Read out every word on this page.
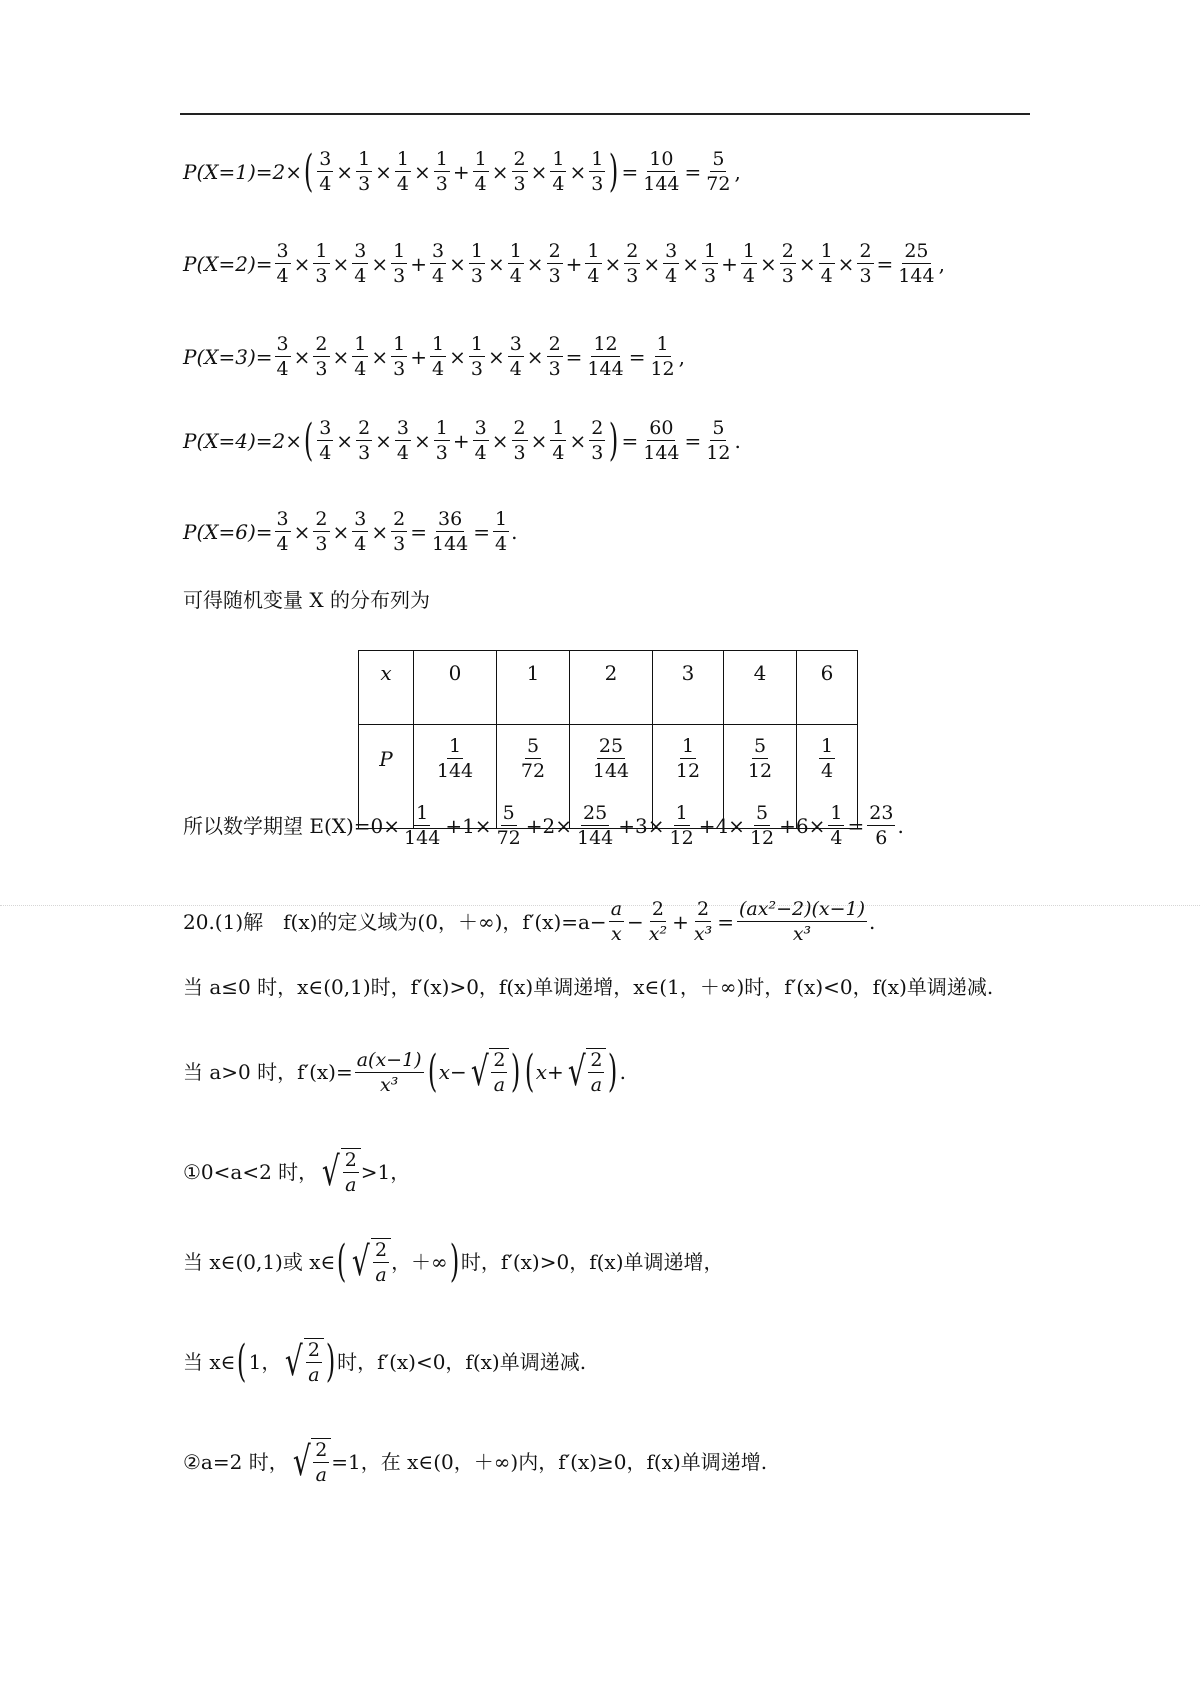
P(X=1)=2× ( $\frac{3}{4} \times \frac{1}{3} \times \frac{1}{4} \times \frac{1}{3} + \frac{1}{4} \times \frac{2}{3} \times \frac{1}{4} \times \frac{1}{3}$ ) = $\frac{10}{144} = \frac{5}{72}$ ,
$P(X=2)= \frac{3}{4} \times \frac{1}{3} \times \frac{3}{4} \times \frac{1}{3} + \frac{3}{4} \times \frac{1}{3} \times \frac{1}{4} \times \frac{2}{3} + \frac{1}{4} \times \frac{2}{3} \times \frac{3}{4} \times \frac{1}{3} + \frac{1}{4} \times \frac{2}{3} \times \frac{1}{4} \times \frac{2}{3} = \frac{25}{144}$ ,
$P(X=3)= \frac{3}{4} \times \frac{2}{3} \times \frac{1}{4} \times \frac{1}{3} + \frac{1}{4} \times \frac{1}{3} \times \frac{3}{4} \times \frac{2}{3} = \frac{12}{144} = \frac{1}{12}$ ,
P(X=4)=2× ( $\frac{3}{4} \times \frac{2}{3} \times \frac{3}{4} \times \frac{1}{3} + \frac{3}{4} \times \frac{2}{3} \times \frac{1}{4} \times \frac{2}{3}$ ) = $\frac{60}{144} = \frac{5}{12}$ .
$P(X=6)= \frac{3}{4} \times \frac{2}{3} \times \frac{3}{4} \times \frac{2}{3} = \frac{36}{144} = \frac{1}{4}$ .
可得随机变量 X 的分布列为
x	0	1	2	3	4	6
P	$\frac{1}{144}$	$\frac{5}{72}$	$\frac{25}{144}$	$\frac{1}{12}$	$\frac{5}{12}$	$\frac{1}{4}$
所以数学期望 $E(X)=0\times \frac{1}{144} +1\times \frac{5}{72} +2\times \frac{25}{144} +3\times \frac{1}{12} +4\times \frac{5}{12} +6\times \frac{1}{4} = \frac{23}{6}$ .
20.(1)解　f(x)的定义域为(0，＋∞)，$f'(x)=a- \frac{a}{x} - \frac{2}{\text{x²}} + \frac{2}{\text{x³}} = \frac{\text{(ax²−2)(x−1)}}{\text{x³}}$ .
当 a≤0 时，x∈(0,1)时，f′(x)>0，f(x)单调递增，x∈(1，＋∞)时，f′(x)<0，f(x)单调递减.
当 a>0 时，$f'(x)= \frac{a(x-1)}{\text{x³}}$ ( x− √ $\frac{2}{a}$ ) ( x+ √ $\frac{2}{a}$ ) .
①0<a<2 时， √ $\frac{2}{a} >1$，
当 x∈(0,1)或 x∈ ( √ $\frac{2}{a}$ ，＋∞ ) 时，f′(x)>0，f(x)单调递增，
当 x∈ ( 1， √ $\frac{2}{a}$ ) 时，f′(x)<0，f(x)单调递减.
②a=2 时， √ $\frac{2}{a} =1$，在 x∈(0，＋∞)内，f′(x)≥0，f(x)单调递增.
